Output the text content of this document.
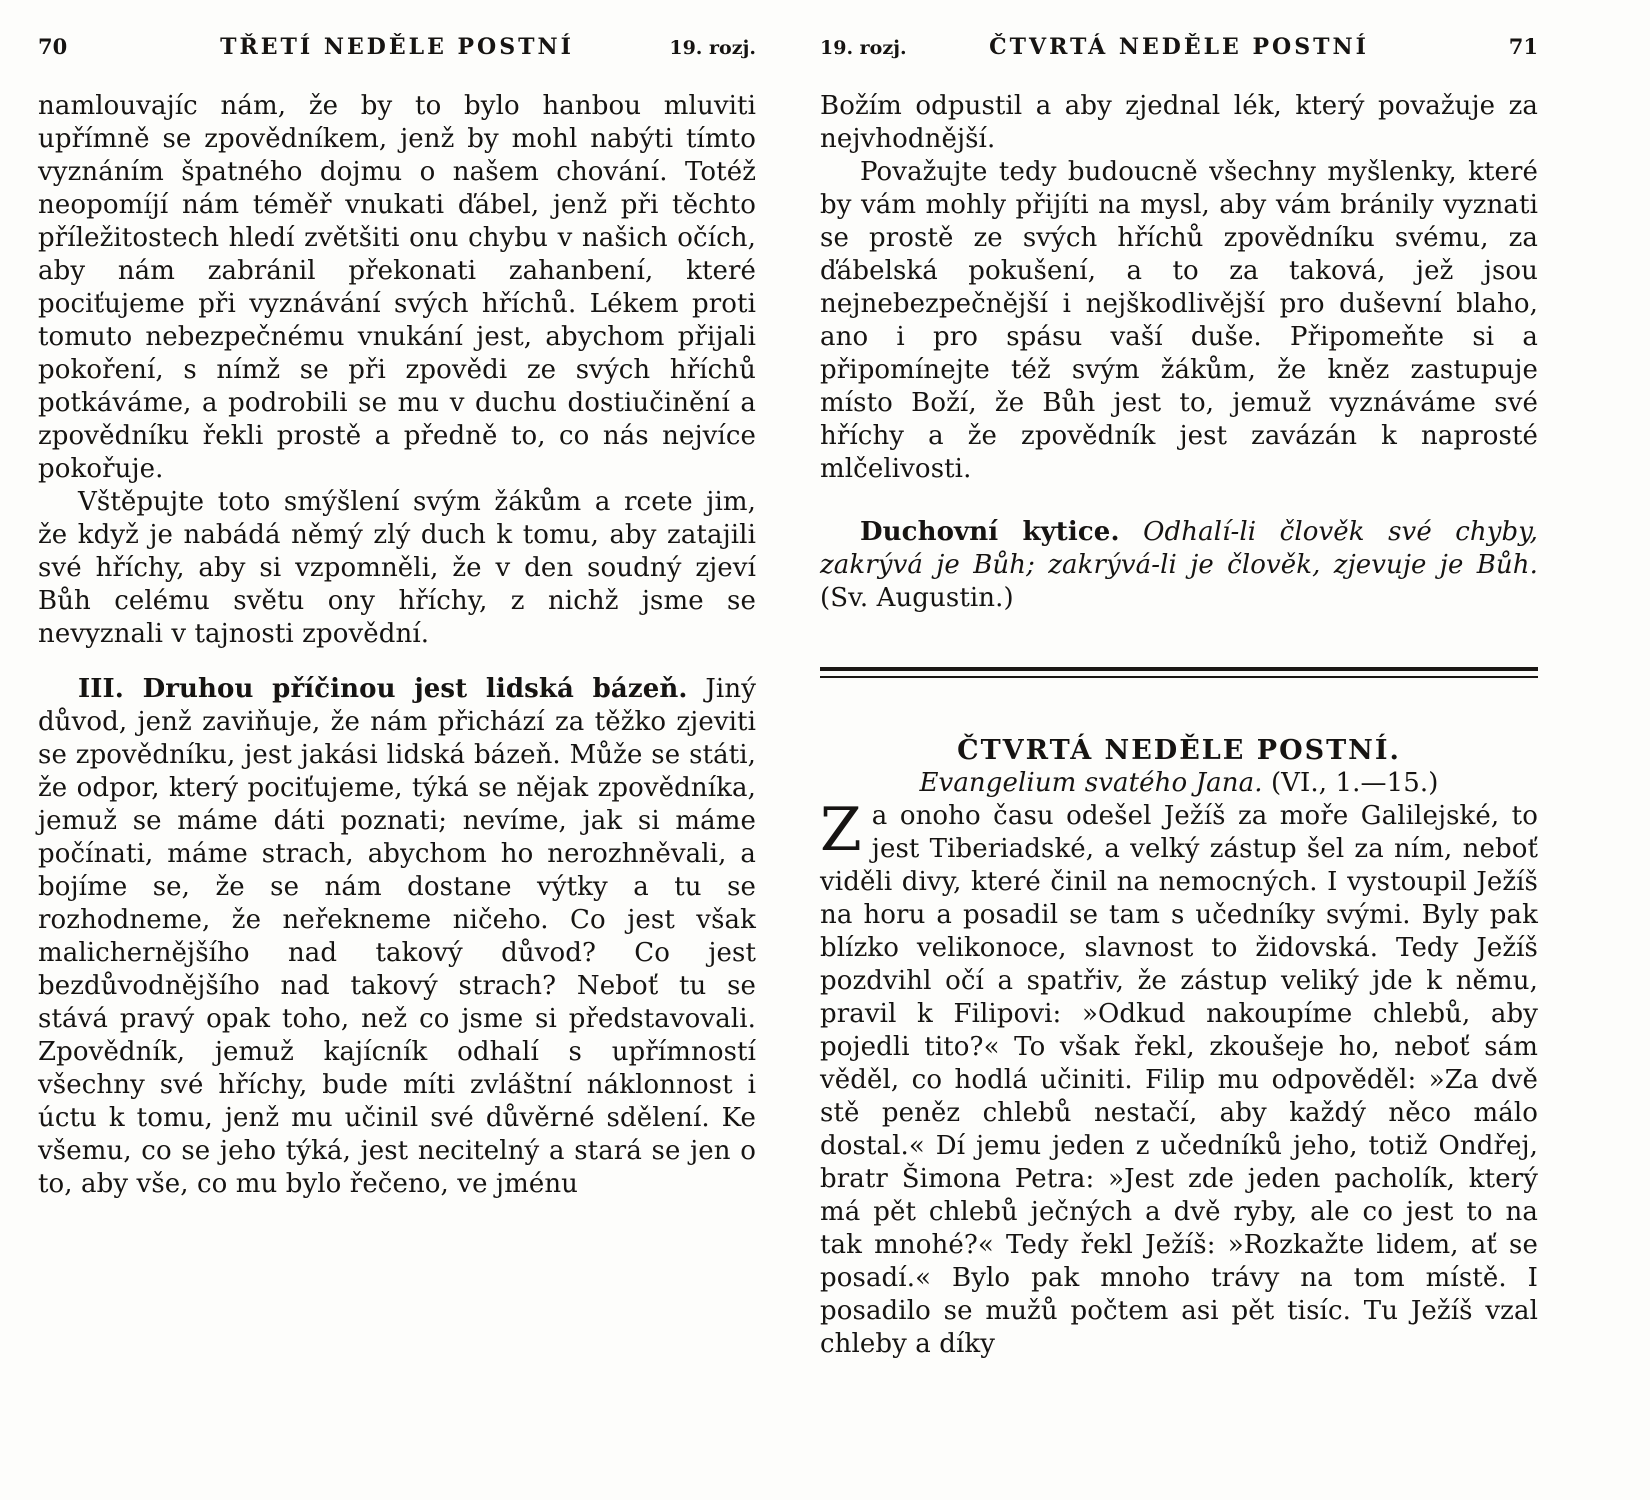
70	TŘETÍ NEDĚLE POSTNÍ	19. rozj.

namlouvajíc nám, že by to bylo hanbou mluviti upřímně se zpovědníkem, jenž by mohl nabýti tímto vyznáním špatného dojmu o našem chování. Totéž neopomíjí nám téměř vnukati ďábel, jenž při těchto příležitostech hledí zvětšiti onu chybu v našich očích, aby nám zabránil překonati zahanbení, které pociťujeme při vyznávání svých hříchů. Lékem proti tomuto nebezpečnému vnukání jest, abychom přijali pokoření, s nímž se při zpovědi ze svých hříchů potkáváme, a podrobili se mu v duchu dostiučinění a zpovědníku řekli prostě a předně to, co nás nejvíce pokořuje.

Vštěpujte toto smýšlení svým žákům a rcete jim, že když je nabádá němý zlý duch k tomu, aby zatajili své hříchy, aby si vzpomněli, že v den soudný zjeví Bůh celému světu ony hříchy, z nichž jsme se nevyznali v tajnosti zpovědní.

III. Druhou příčinou jest lidská bázeň. Jiný důvod, jenž zaviňuje, že nám přichází za těžko zjeviti se zpovědníku, jest jakási lidská bázeň. Může se státi, že odpor, který pociťujeme, týká se nějak zpovědníka, jemuž se máme dáti poznati; nevíme, jak si máme počínati, máme strach, abychom ho nerozhněvali, a bojíme se, že se nám dostane výtky a tu se rozhodneme, že neřekneme ničeho. Co jest však malichernějšího nad takový důvod? Co jest bezdůvodnějšího nad takový strach? Neboť tu se stává pravý opak toho, než co jsme si představovali. Zpovědník, jemuž kajícník odhalí s upřímností všechny své hříchy, bude míti zvláštní náklonnost i úctu k tomu, jenž mu učinil své důvěrné sdělení. Ke všemu, co se jeho týká, jest necitelný a stará se jen o to, aby vše, co mu bylo řečeno, ve jménu

19. rozj.	ČTVRTÁ NEDĚLE POSTNÍ	71

Božím odpustil a aby zjednal lék, který považuje za nejvhodnější.

Považujte tedy budoucně všechny myšlenky, které by vám mohly přijíti na mysl, aby vám bránily vyznati se prostě ze svých hříchů zpovědníku svému, za ďábelská pokušení, a to za taková, jež jsou nejnebezpečnější i nejškodlivější pro duševní blaho, ano i pro spásu vaší duše. Připomeňte si a připomínejte též svým žákům, že kněz zastupuje místo Boží, že Bůh jest to, jemuž vyznáváme své hříchy a že zpovědník jest zavázán k naprosté mlčelivosti.

Duchovní kytice. Odhalí-li člověk své chyby, zakrývá je Bůh; zakrývá-li je člověk, zjevuje je Bůh. (Sv. Augustin.)

ČTVRTÁ NEDĚLE POSTNÍ.

Evangelium svatého Jana. (VI., 1.—15.)

Za onoho času odešel Ježíš za moře Galilejské, to jest Tiberiadské, a velký zástup šel za ním, neboť viděli divy, které činil na nemocných. I vystoupil Ježíš na horu a posadil se tam s učedníky svými. Byly pak blízko velikonoce, slavnost to židovská. Tedy Ježíš pozdvihl očí a spatřiv, že zástup veliký jde k němu, pravil k Filipovi: »Odkud nakoupíme chlebů, aby pojedli tito?« To však řekl, zkoušeje ho, neboť sám věděl, co hodlá učiniti. Filip mu odpověděl: »Za dvě stě peněz chlebů nestačí, aby každý něco málo dostal.« Dí jemu jeden z učedníků jeho, totiž Ondřej, bratr Šimona Petra: »Jest zde jeden pacholík, který má pět chlebů ječných a dvě ryby, ale co jest to na tak mnohé?« Tedy řekl Ježíš: »Rozkažte lidem, ať se posadí.« Bylo pak mnoho trávy na tom místě. I posadilo se mužů počtem asi pět tisíc. Tu Ježíš vzal chleby a díky
